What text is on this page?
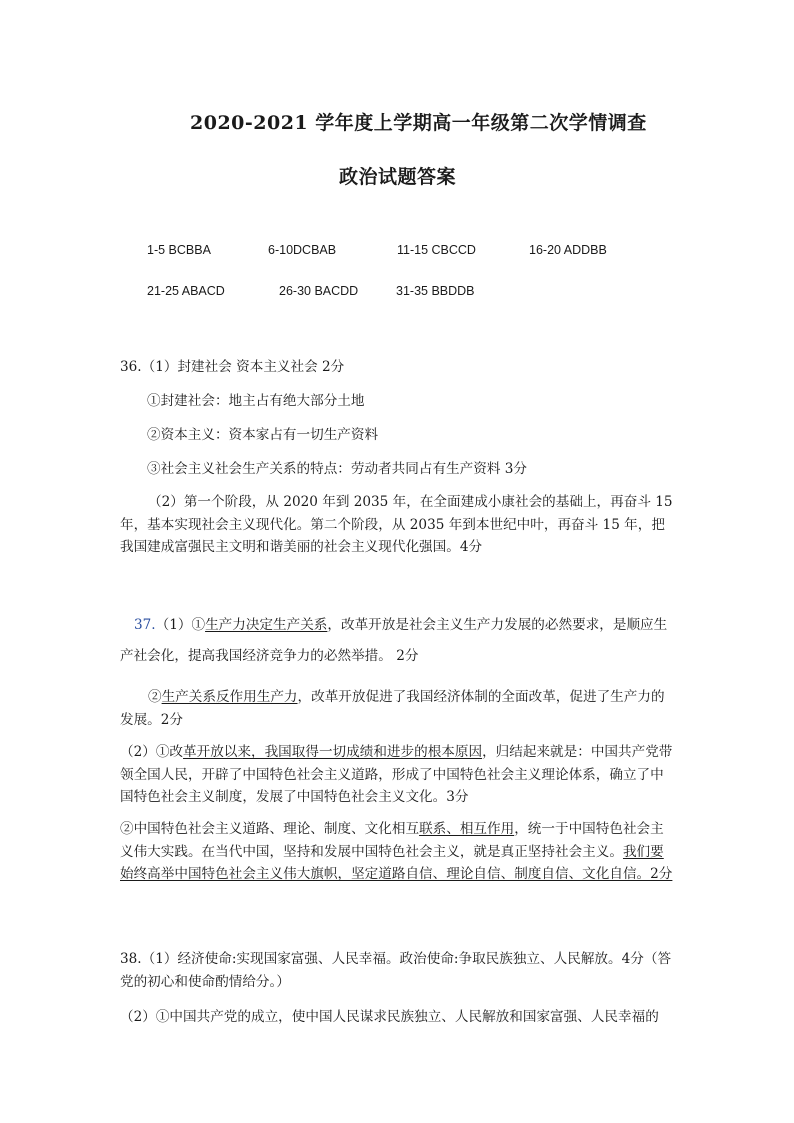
2020-2021 学年度上学期高一年级第二次学情调查
政治试题答案
1-5 BCBBA	6-10DCBAB	11-15 CBCCD	16-20 ADDBB
21-25 ABACD	26-30 BACDD	31-35 BBDDB
36.（1）封建社会 资本主义社会 2分
①封建社会：地主占有绝大部分土地
②资本主义：资本家占有一切生产资料
③社会主义社会生产关系的特点：劳动者共同占有生产资料 3分
（2）第一个阶段，从 2020 年到 2035 年，在全面建成小康社会的基础上，再奋斗 15 年，基本实现社会主义现代化。第二个阶段，从 2035 年到本世纪中叶，再奋斗 15 年，把我国建成富强民主文明和谐美丽的社会主义现代化强国。4分
37.（1）①生产力决定生产关系，改革开放是社会主义生产力发展的必然要求，是顺应生
产社会化，提高我国经济竞争力的必然举措。 2分
②生产关系反作用生产力，改革开放促进了我国经济体制的全面改革，促进了生产力的发展。2分
（2）①改革开放以来，我国取得一切成绩和进步的根本原因，归结起来就是：中国共产党带领全国人民，开辟了中国特色社会主义道路，形成了中国特色社会主义理论体系，确立了中国特色社会主义制度，发展了中国特色社会主义文化。3分
②中国特色社会主义道路、理论、制度、文化相互联系、相互作用，统一于中国特色社会主义伟大实践。在当代中国，坚持和发展中国特色社会主义，就是真正坚持社会主义。我们要始终高举中国特色社会主义伟大旗帜，坚定道路自信、理论自信、制度自信、文化自信。2分
38.（1）经济使命:实现国家富强、人民幸福。政治使命:争取民族独立、人民解放。4分（答党的初心和使命酌情给分。）
（2）①中国共产党的成立，使中国人民谋求民族独立、人民解放和国家富强、人民幸福的
